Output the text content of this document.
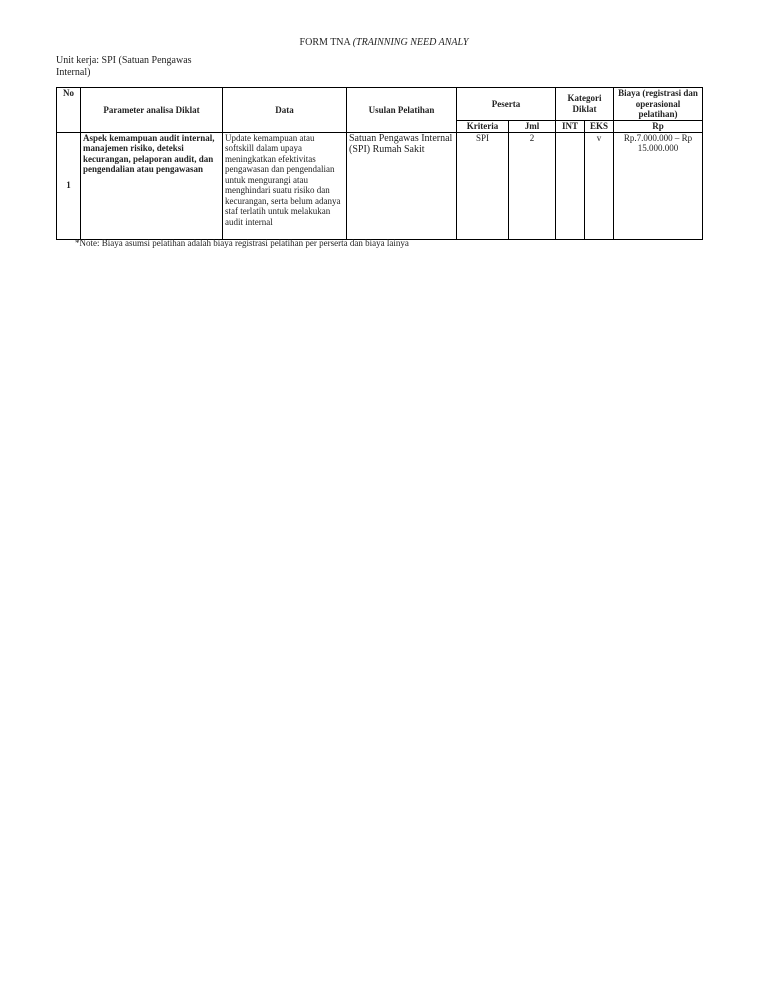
FORM TNA (TRAINNING NEED ANALY
Unit kerja: SPI (Satuan Pengawas Internal)
No	Parameter analisa Diklat	Data	Usulan Pelatihan	Peserta		Kategori Diklat		Biaya (registrasi dan operasional pelatihan)
				Kriteria	Jml	INT	EKS	Rp
1	Aspek kemampuan audit internal, manajemen risiko, deteksi kecurangan, pelaporan audit, dan pengendalian atau pengawasan	Update kemampuan atau softskill dalam upaya meningkatkan efektivitas pengawasan dan pengendalian untuk mengurangi atau menghindari suatu risiko dan kecurangan, serta belum adanya staf terlatih untuk melakukan audit internal	Satuan Pengawas Internal (SPI) Rumah Sakit	SPI	2		v	Rp.7.000.000 – Rp 15.000.000
*Note: Biaya asumsi pelatihan adalah biaya registrasi pelatihan per perserta dan biaya lainya
